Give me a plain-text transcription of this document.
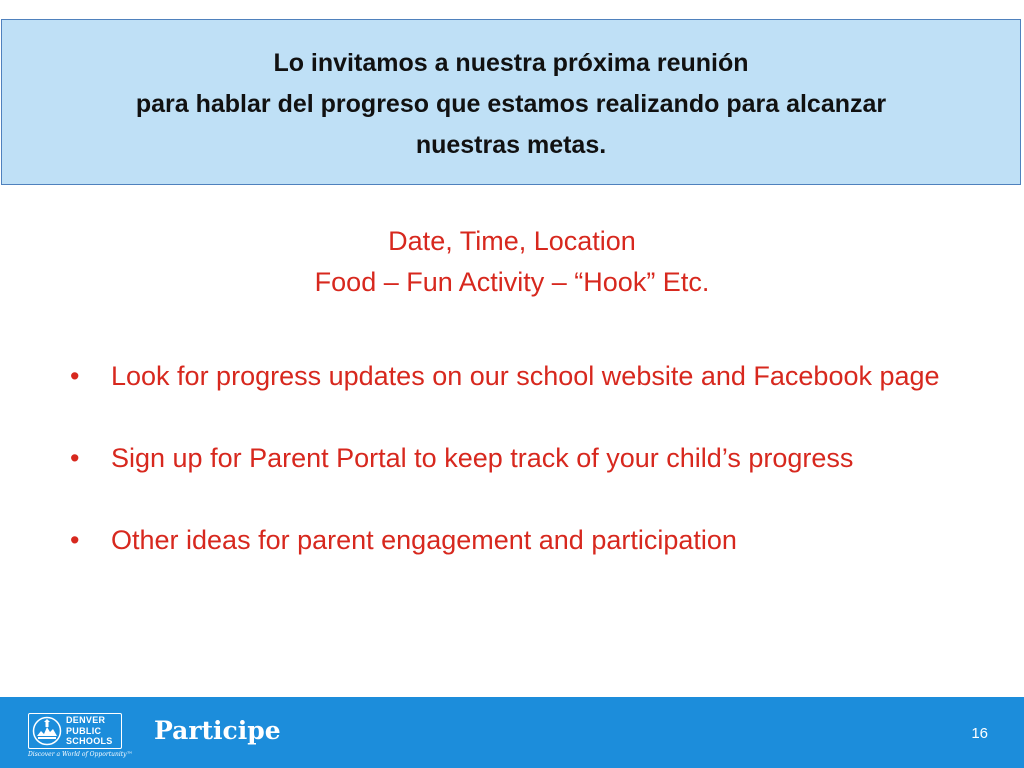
Lo invitamos a nuestra próxima reunión
para hablar del progreso que estamos realizando para alcanzar
nuestras metas.
Date, Time, Location
Food – Fun Activity – “Hook” Etc.
•	Look for progress updates on our school website and Facebook page
•	Sign up for Parent Portal to keep track of your child’s progress
•	Other ideas for parent engagement and participation
DENVER
PUBLIC
SCHOOLS
Discover a World of Opportunity™
Participe	16
